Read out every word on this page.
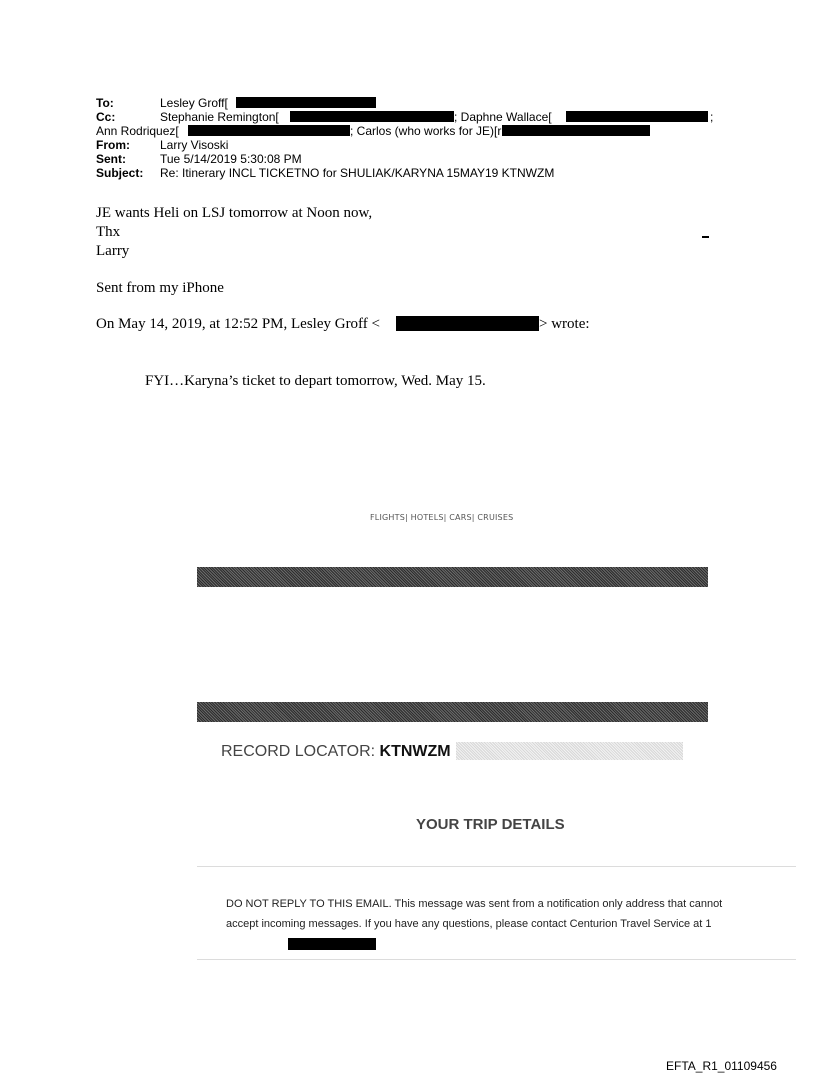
To:	Lesley Groff[
Cc:	Stephanie Remington[	; Daphne Wallace[	;
Ann Rodriquez[	; Carlos (who works for JE)[r
From:	Larry Visoski
Sent:	Tue 5/14/2019 5:30:08 PM
Subject: Re: Itinerary INCL TICKETNO for SHULIAK/KARYNA 15MAY19 KTNWZM
JE wants Heli on LSJ tomorrow at Noon now,
Thx
Larry
Sent from my iPhone
On May 14, 2019, at 12:52 PM, Lesley Groff <	> wrote:
FYI…Karyna’s ticket to depart tomorrow, Wed. May 15.
FLIGHTS| HOTELS| CARS| CRUISES
RECORD LOCATOR: KTNWZM
YOUR TRIP DETAILS
DO NOT REPLY TO THIS EMAIL. This message was sent from a notification only address that cannot accept incoming messages. If you have any questions, please contact Centurion Travel Service at 1
EFTA_R1_01109456
